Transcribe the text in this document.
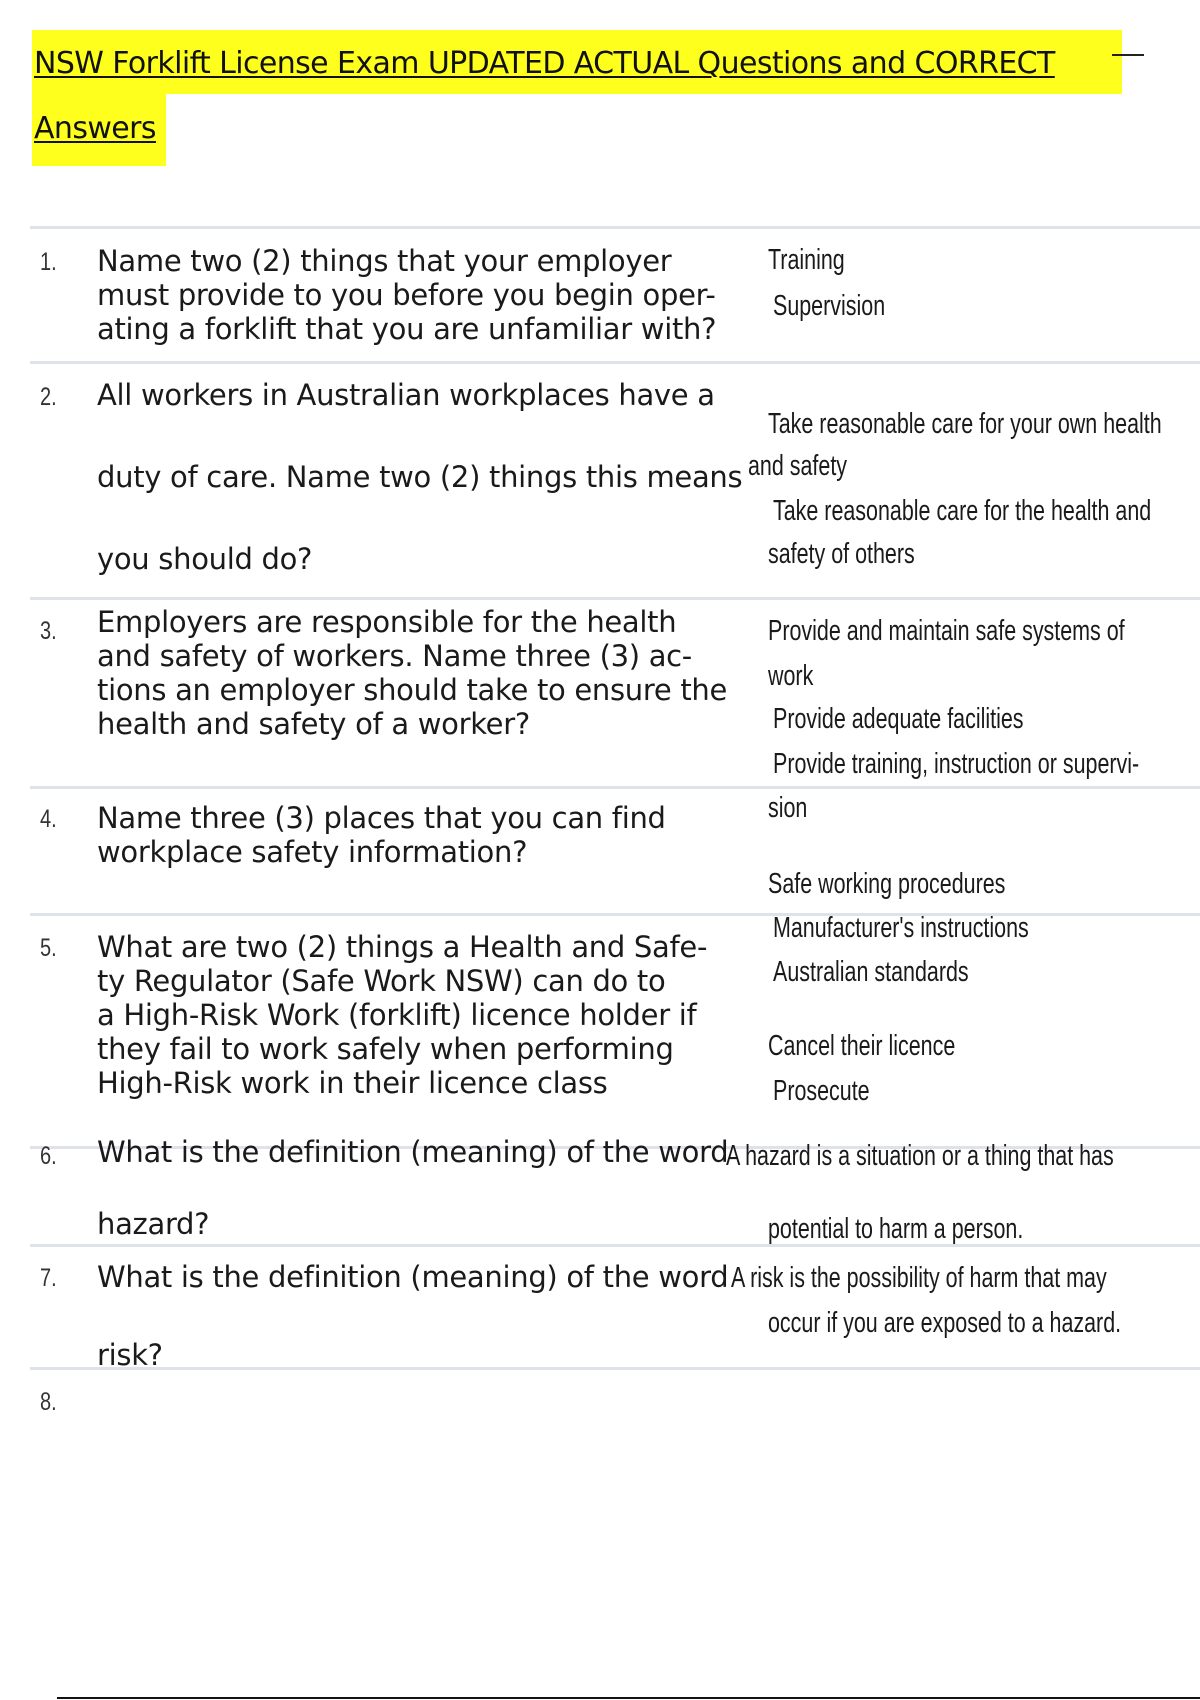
NSW Forklift License Exam UPDATED ACTUAL Questions and CORRECT
Answers
1. Name two (2) things that your employer
must provide to you before you begin oper-
ating a forklift that you are unfamiliar with?
Training
Supervision
2. All workers in Australian workplaces have a
duty of care. Name two (2) things this means
you should do?
Take reasonable care for your own health
and safety
Take reasonable care for the health and
safety of others
3. Employers are responsible for the health
and safety of workers. Name three (3) ac-
tions an employer should take to ensure the
health and safety of a worker?
Provide and maintain safe systems of
work
Provide adequate facilities
Provide training, instruction or supervi-
sion
4. Name three (3) places that you can find
workplace safety information?
Safe working procedures
Manufacturer's instructions
Australian standards
5. What are two (2) things a Health and Safe-
ty Regulator (Safe Work NSW) can do to
a High-Risk Work (forklift) licence holder if
they fail to work safely when performing
High-Risk work in their licence class
Cancel their licence
Prosecute
6. What is the definition (meaning) of the word
hazard?
A hazard is a situation or a thing that has
potential to harm a person.
7. What is the definition (meaning) of the word
risk?
A risk is the possibility of harm that may
occur if you are exposed to a hazard.
8.
